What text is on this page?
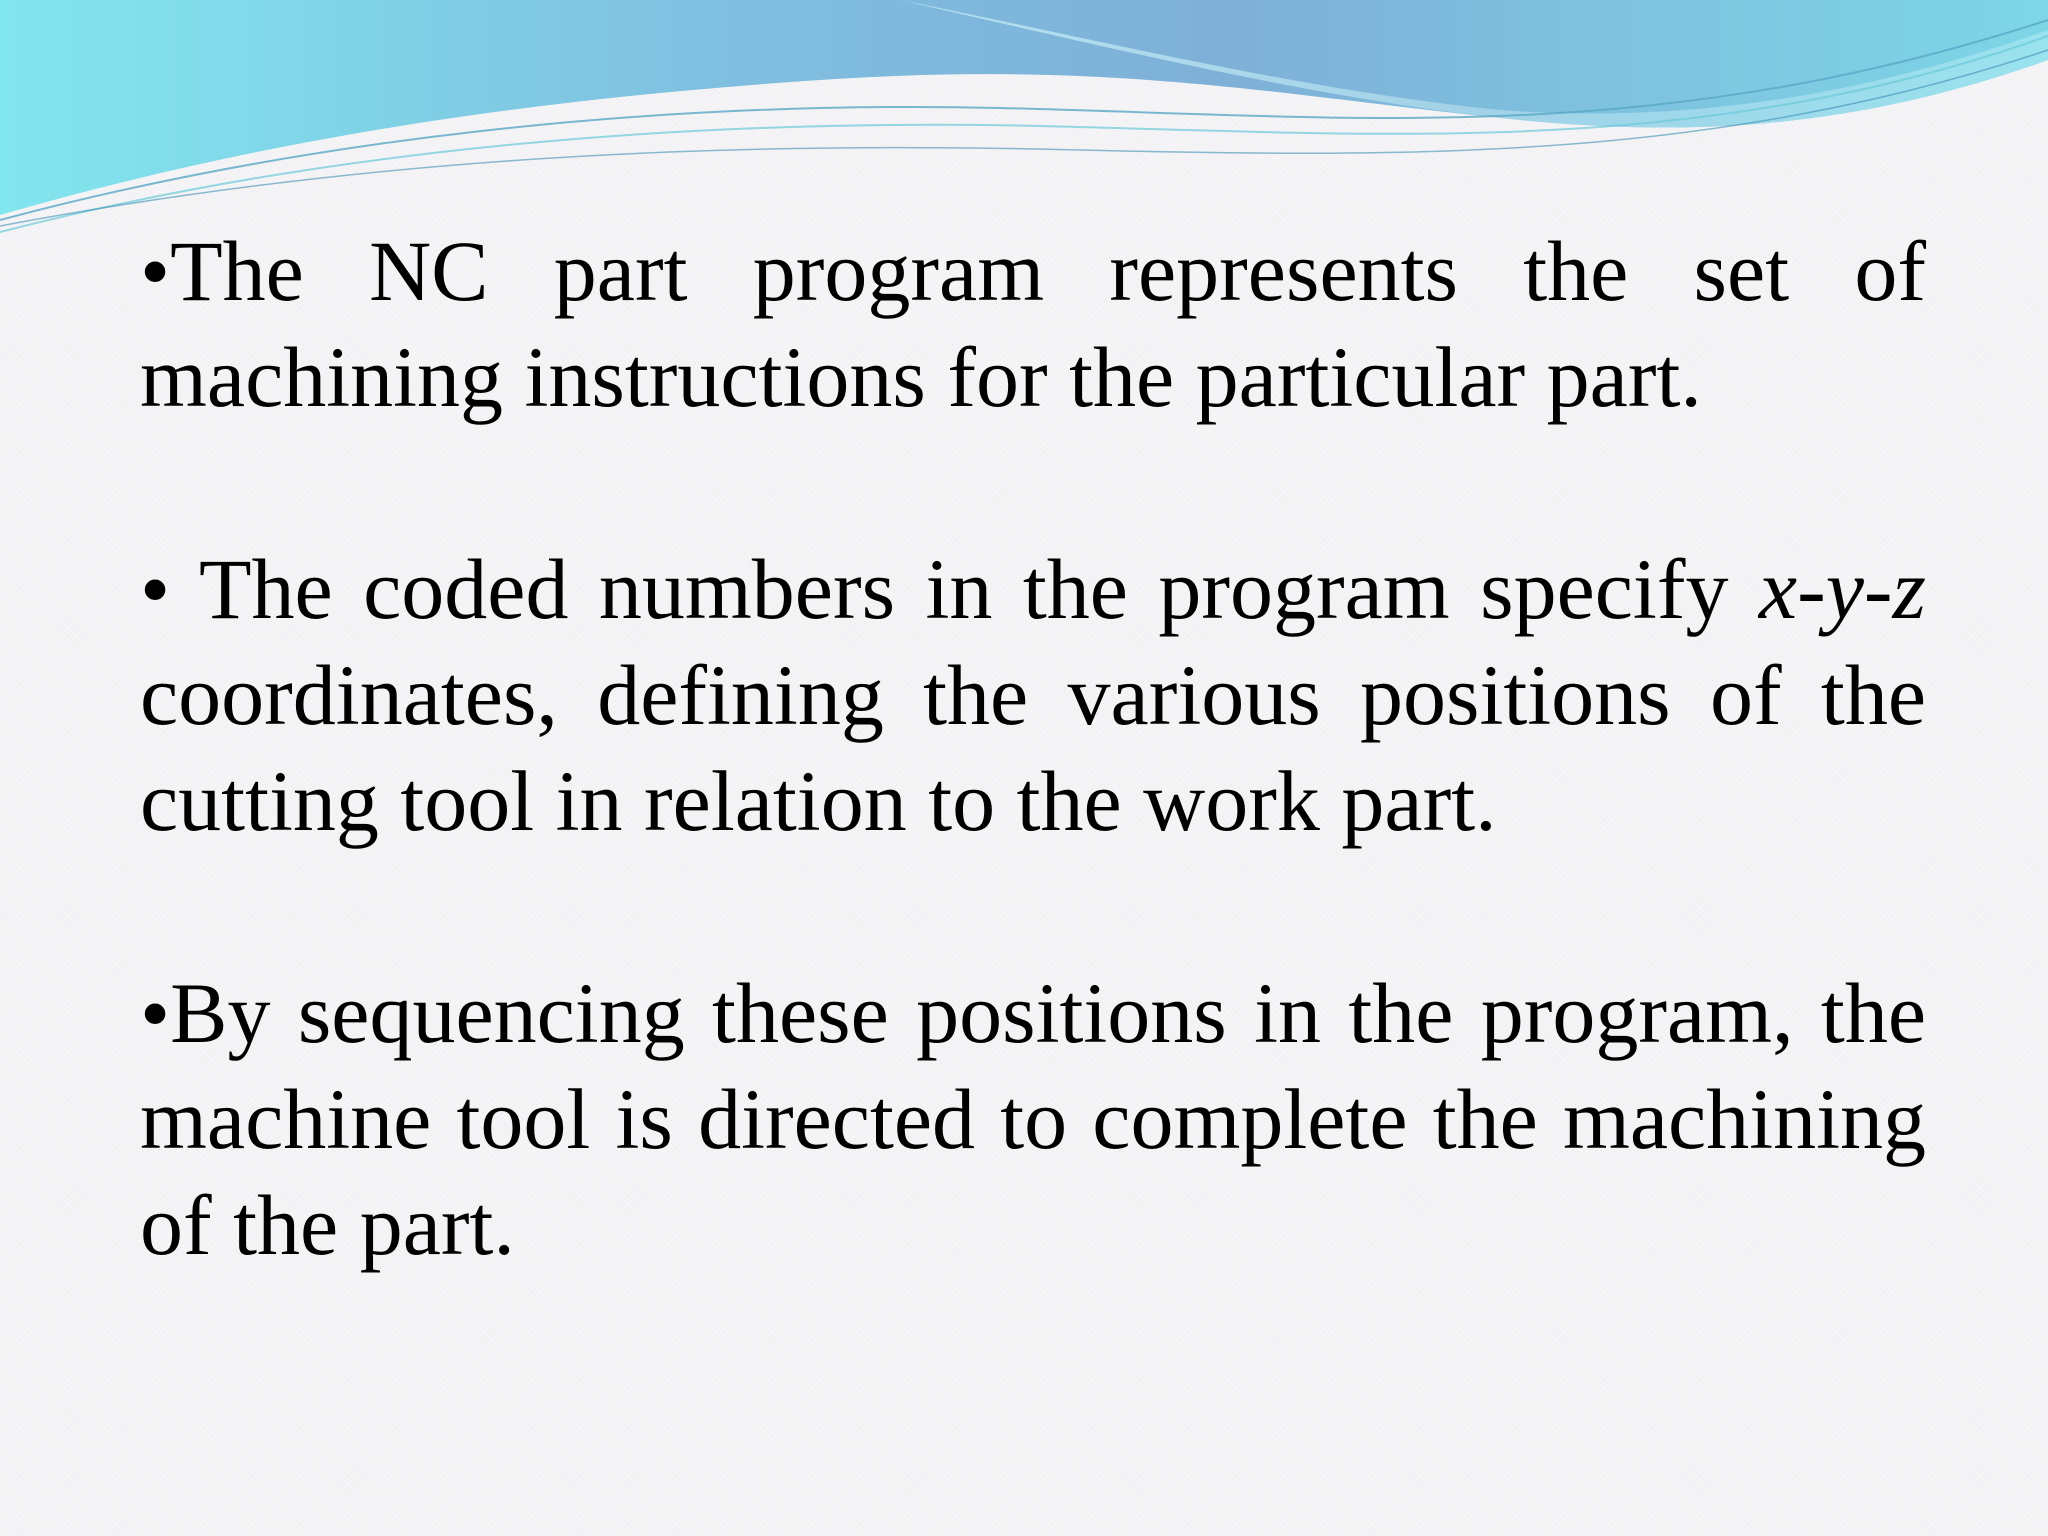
•The NC part program represents the set of machining instructions for the particular part.

• The coded numbers in the program specify x-y-z coordinates, defining the various positions of the cutting tool in relation to the work part.

•By sequencing these positions in the program, the machine tool is directed to complete the machining of the part.
